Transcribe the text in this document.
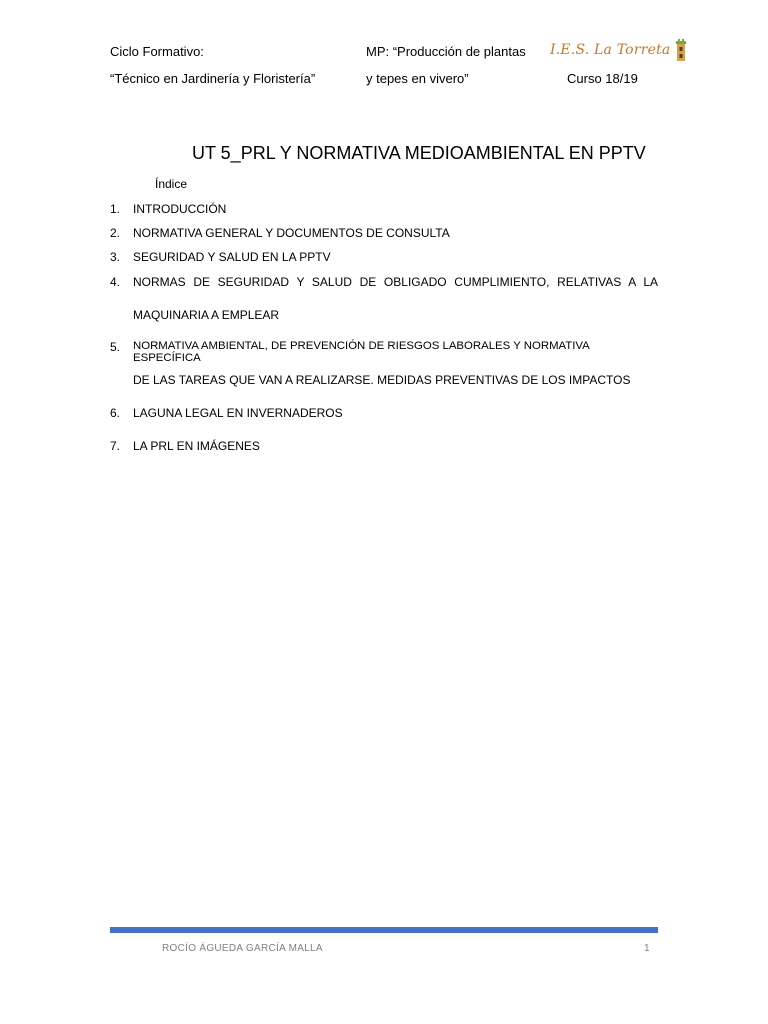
Ciclo Formativo:
“Técnico en Jardinería y Floristería”
MP: “Producción de plantas
y tepes en vivero”	Curso 18/19
I.E.S. La Torreta
UT 5_PRL Y NORMATIVA MEDIOAMBIENTAL EN PPTV
Índice
1. INTRODUCCIÓN
2. NORMATIVA GENERAL Y DOCUMENTOS DE CONSULTA
3. SEGURIDAD Y SALUD EN LA PPTV
4. NORMAS DE SEGURIDAD Y SALUD DE OBLIGADO CUMPLIMIENTO, RELATIVAS A LA
MAQUINARIA A EMPLEAR
5. NORMATIVA AMBIENTAL, DE PREVENCIÓN DE RIESGOS LABORALES Y NORMATIVA ESPECÍFICA
DE LAS TAREAS QUE VAN A REALIZARSE. MEDIDAS PREVENTIVAS DE LOS IMPACTOS
6. LAGUNA LEGAL EN INVERNADEROS
7. LA PRL EN IMÁGENES
ROCÍO ÁGUEDA GARCÍA MALLA	1
